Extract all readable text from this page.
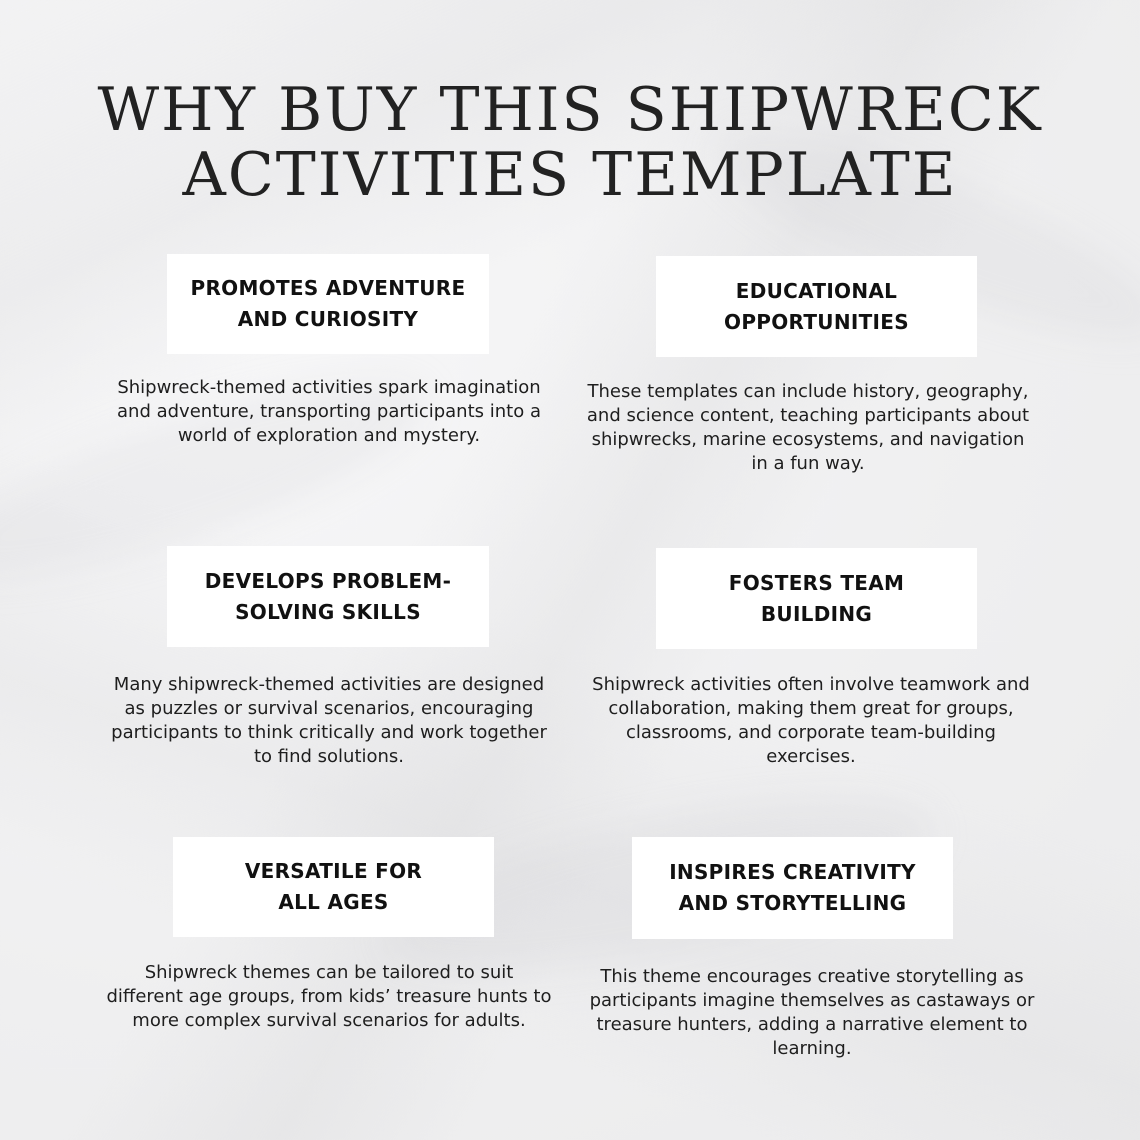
WHY BUY THIS SHIPWRECK
ACTIVITIES TEMPLATE
PROMOTES ADVENTURE AND CURIOSITY

Shipwreck-themed activities spark imagination and adventure, transporting participants into a world of exploration and mystery.

EDUCATIONAL OPPORTUNITIES

These templates can include history, geography, and science content, teaching participants about shipwrecks, marine ecosystems, and navigation in a fun way.

DEVELOPS PROBLEM-SOLVING SKILLS

Many shipwreck-themed activities are designed as puzzles or survival scenarios, encouraging participants to think critically and work together to find solutions.

FOSTERS TEAM BUILDING

Shipwreck activities often involve teamwork and collaboration, making them great for groups, classrooms, and corporate team-building exercises.

VERSATILE FOR ALL AGES

Shipwreck themes can be tailored to suit different age groups, from kids’ treasure hunts to more complex survival scenarios for adults.

INSPIRES CREATIVITY AND STORYTELLING

This theme encourages creative storytelling as participants imagine themselves as castaways or treasure hunters, adding a narrative element to learning.
